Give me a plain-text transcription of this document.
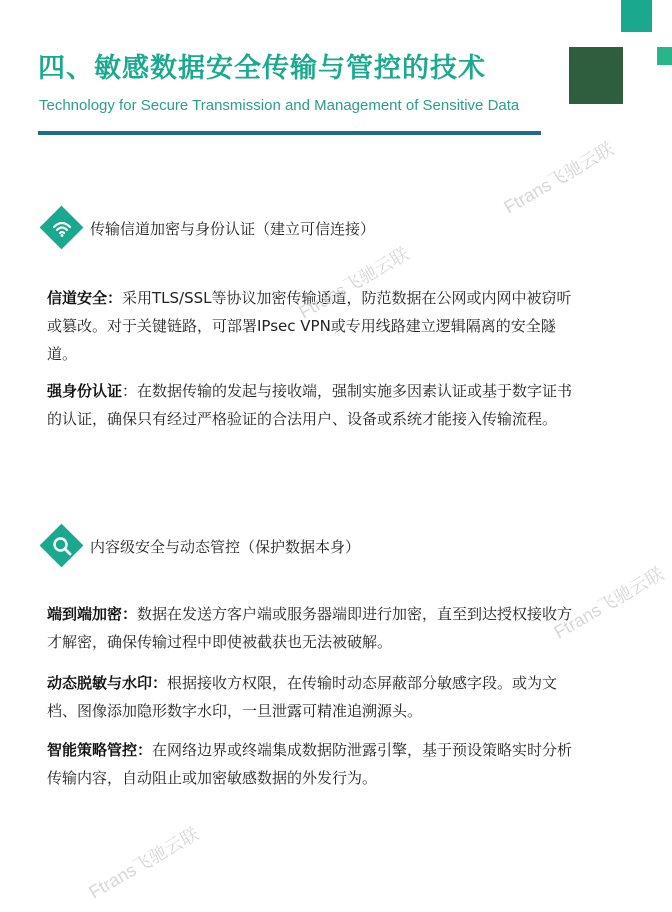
四、敏感数据安全传输与管控的技术
Technology for Secure Transmission and Management of Sensitive Data
传输信道加密与身份认证（建立可信连接）

信道安全：采用TLS/SSL等协议加密传输通道，防范数据在公网或内网中被窃听或篡改。对于关键链路，可部署IPsec VPN或专用线路建立逻辑隔离的安全隧道。

强身份认证：在数据传输的发起与接收端，强制实施多因素认证或基于数字证书的认证，确保只有经过严格验证的合法用户、设备或系统才能接入传输流程。

内容级安全与动态管控（保护数据本身）

端到端加密：数据在发送方客户端或服务器端即进行加密，直至到达授权接收方才解密，确保传输过程中即使被截获也无法被破解。

动态脱敏与水印：根据接收方权限，在传输时动态屏蔽部分敏感字段。或为文档、图像添加隐形数字水印，一旦泄露可精准追溯源头。

智能策略管控：在网络边界或终端集成数据防泄露引擎，基于预设策略实时分析传输内容，自动阻止或加密敏感数据的外发行为。

Ftrans飞驰云联
Ftrans飞驰云联
Ftrans飞驰云联
Ftrans飞驰云联
